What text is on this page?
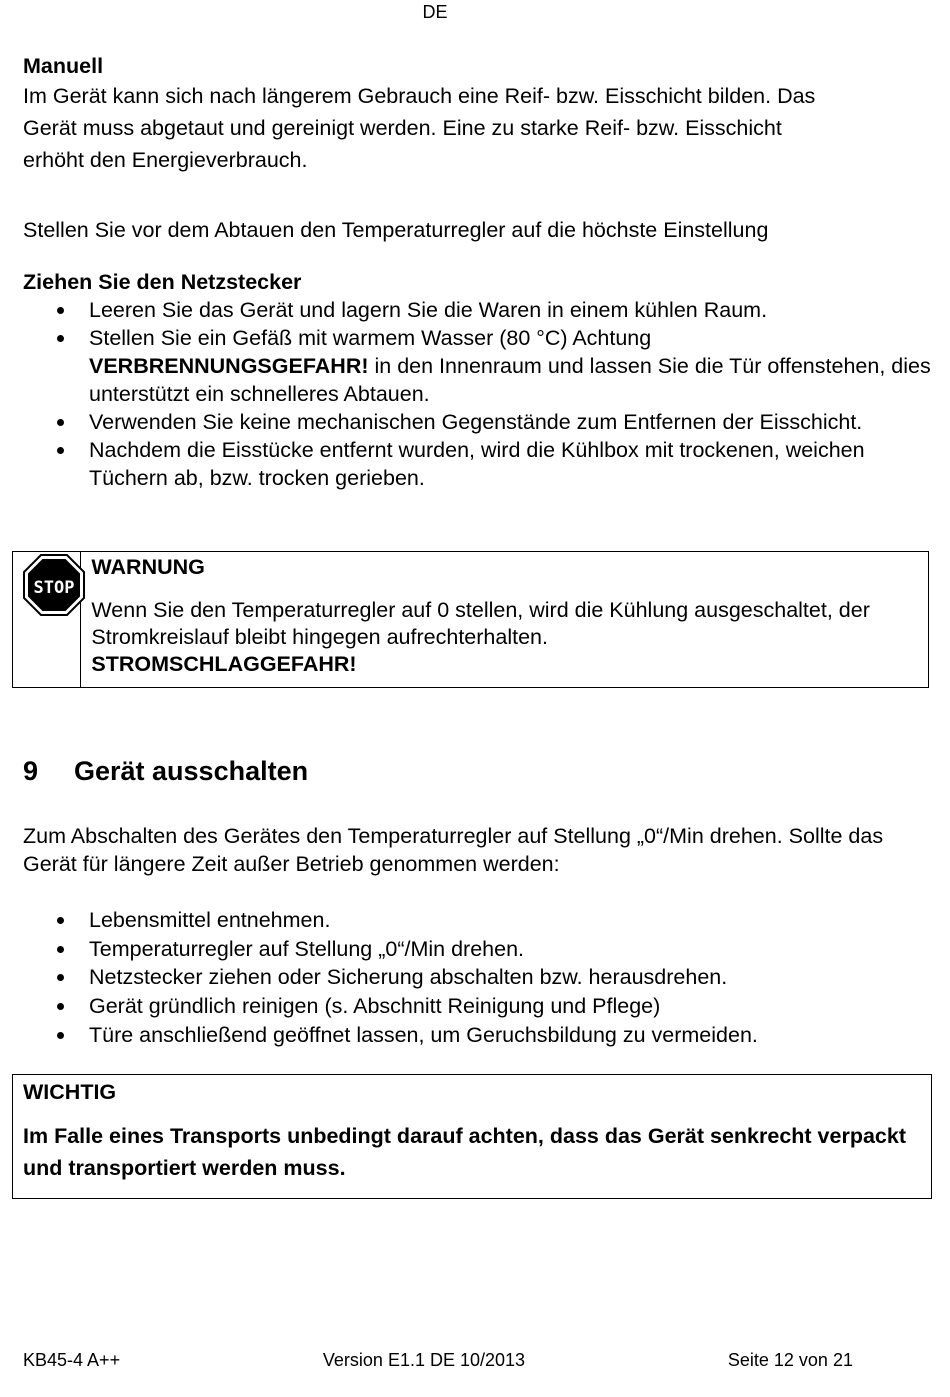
DE

Manuell

Im Gerät kann sich nach längerem Gebrauch eine Reif- bzw. Eisschicht bilden. Das

Gerät muss abgetaut und gereinigt werden. Eine zu starke Reif- bzw. Eisschicht

erhöht den Energieverbrauch.

Stellen Sie vor dem Abtauen den Temperaturregler auf die höchste Einstellung

Ziehen Sie den Netzstecker

Leeren Sie das Gerät und lagern Sie die Waren in einem kühlen Raum.
Stellen Sie ein Gefäß mit warmem Wasser (80 °C) Achtung
VERBRENNUNGSGEFAHR! in den Innenraum und lassen Sie die Tür offenstehen, dies unterstützt ein schnelleres Abtauen.
Verwenden Sie keine mechanischen Gegenstände zum Entfernen der Eisschicht.
Nachdem die Eisstücke entfernt wurden, wird die Kühlbox mit trockenen, weichen Tüchern ab, bzw. trocken gerieben.
STOP

WARNUNG

Wenn Sie den Temperaturregler auf 0 stellen, wird die Kühlung ausgeschaltet, der Stromkreislauf bleibt hingegen aufrechterhalten.

STROMSCHLAGGEFAHR!

9 Gerät ausschalten

Zum Abschalten des Gerätes den Temperaturregler auf Stellung „0“/Min drehen. Sollte das Gerät für längere Zeit außer Betrieb genommen werden:

Lebensmittel entnehmen.
Temperaturregler auf Stellung „0“/Min drehen.
Netzstecker ziehen oder Sicherung abschalten bzw. herausdrehen.
Gerät gründlich reinigen (s. Abschnitt Reinigung und Pflege)
Türe anschließend geöffnet lassen, um Geruchsbildung zu vermeiden.

WICHTIG

Im Falle eines Transports unbedingt darauf achten, dass das Gerät senkrecht verpackt und transportiert werden muss.

KB45-4 A++	Version E1.1 DE 10/2013	Seite 12 von 21
